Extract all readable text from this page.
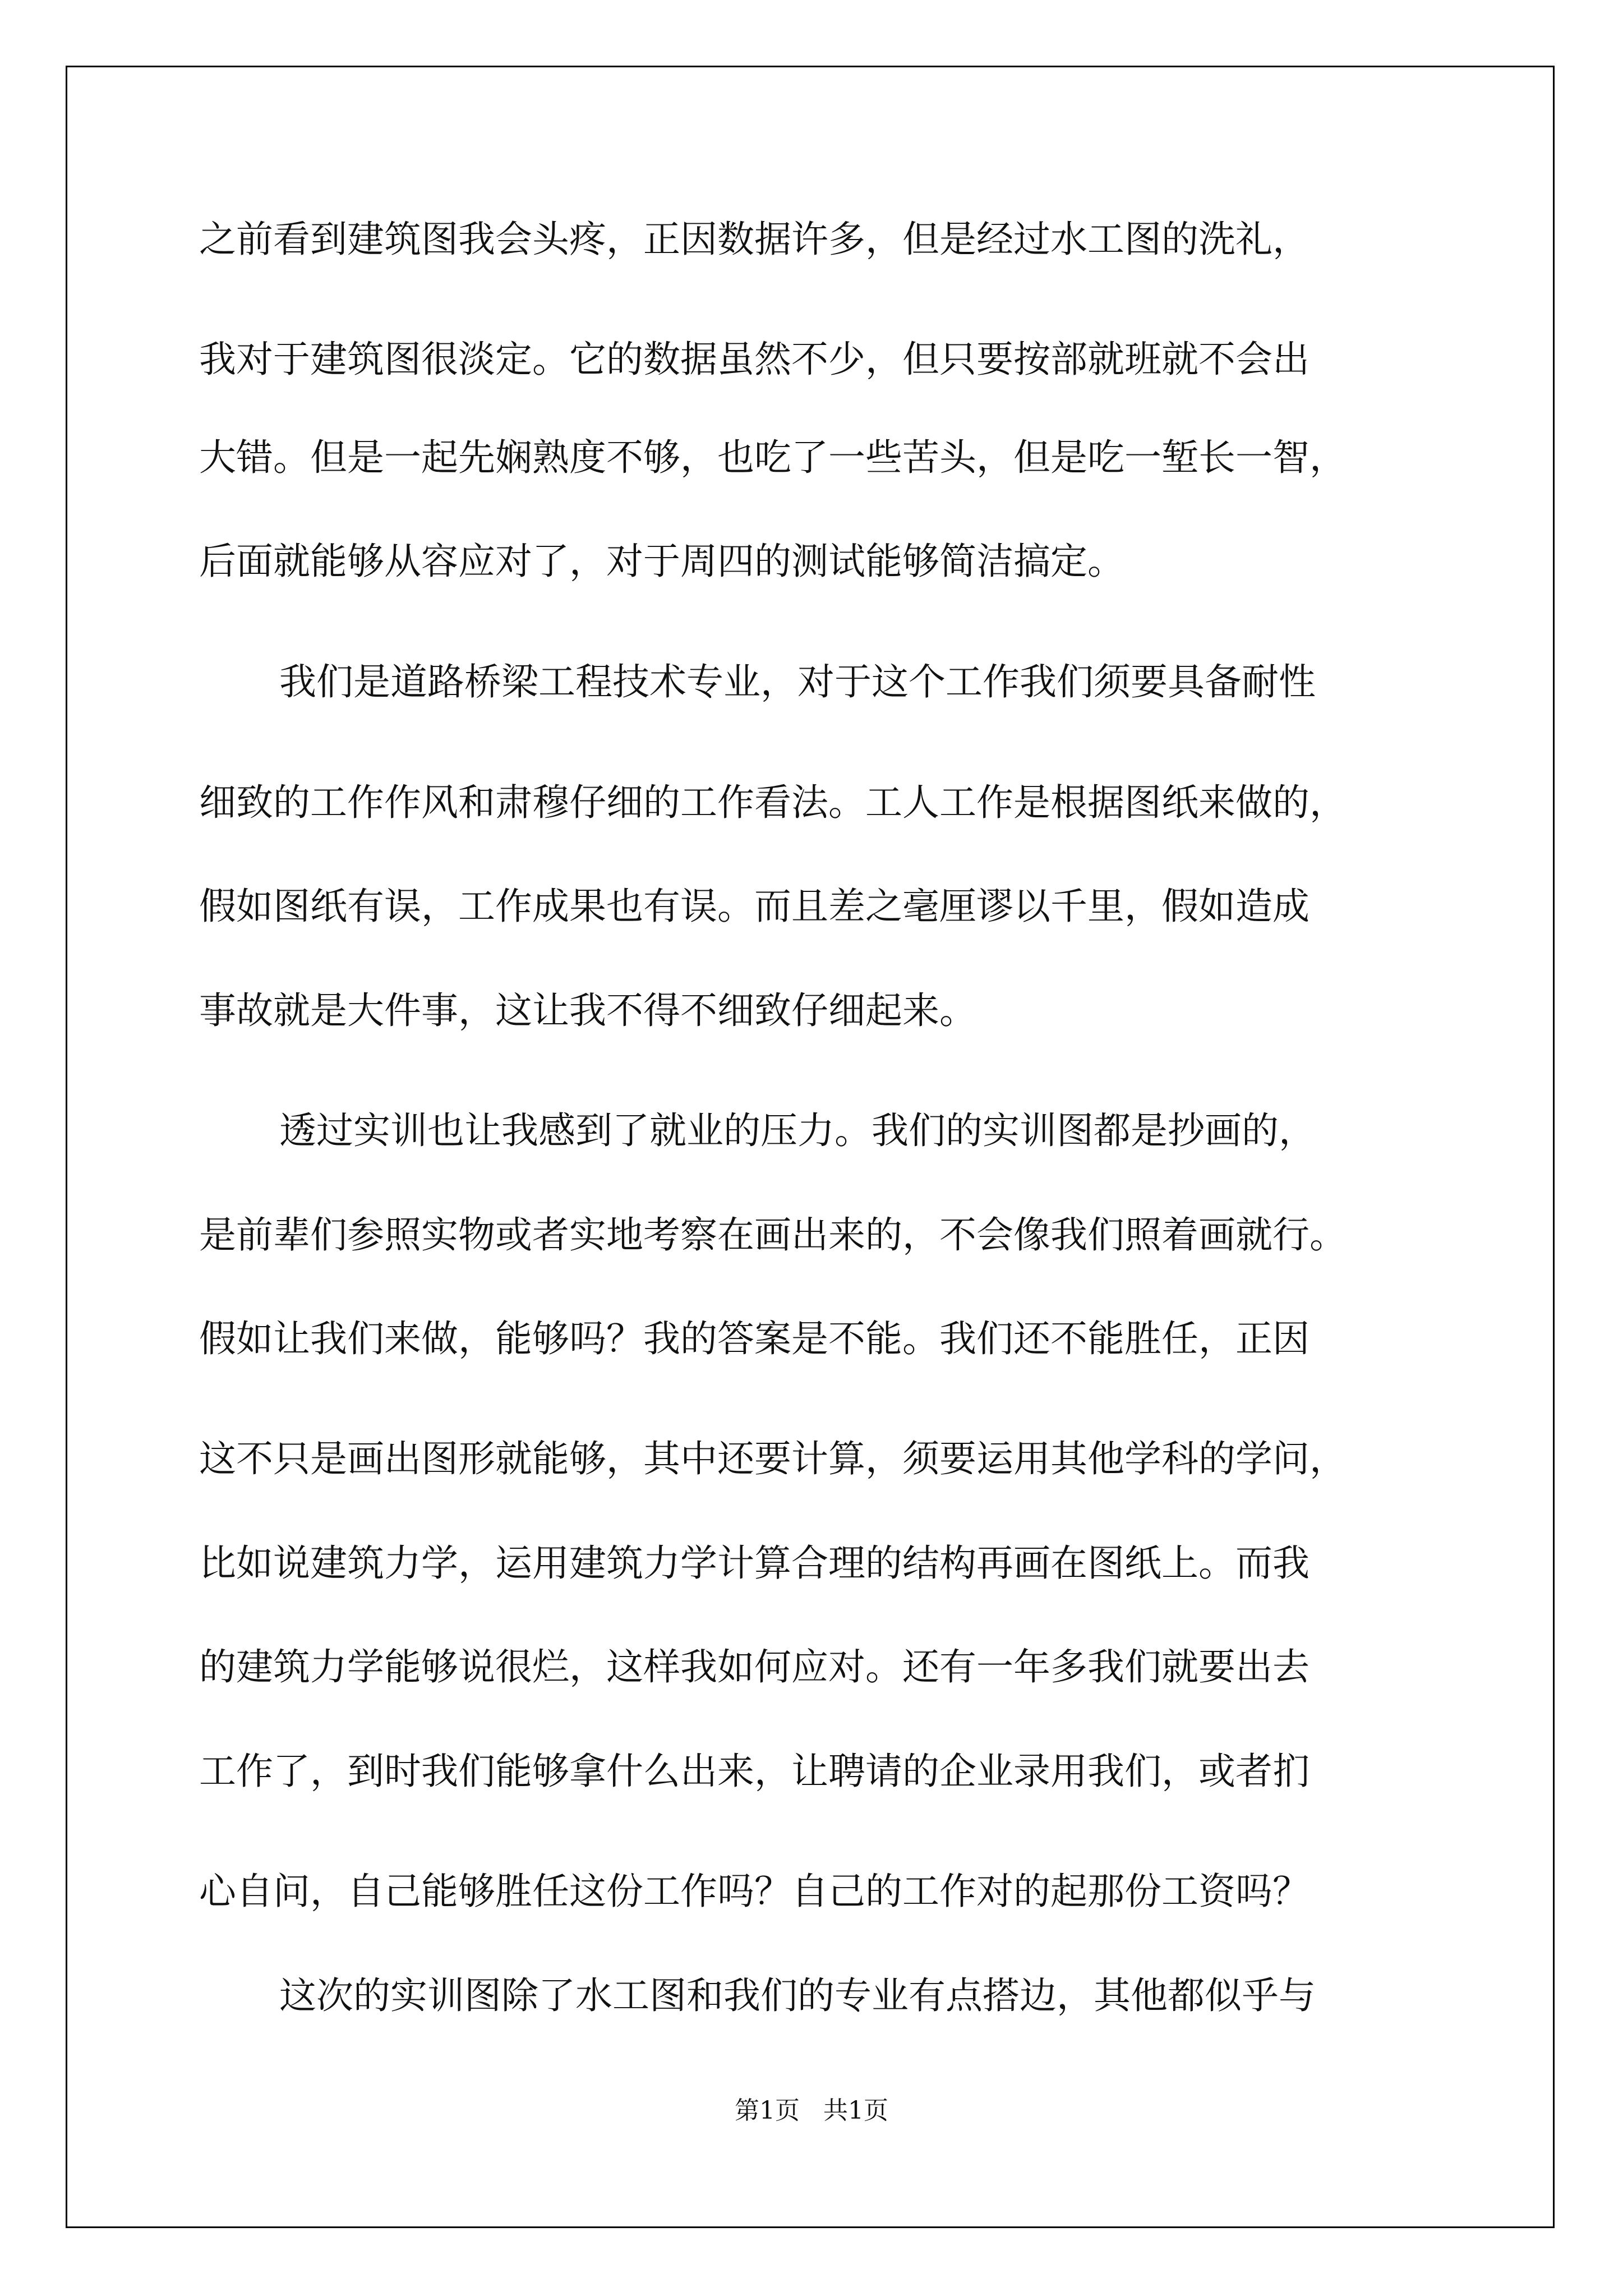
之前看到建筑图我会头疼，正因数据许多，但是经过水工图的洗礼，

我对于建筑图很淡定。它的数据虽然不少，但只要按部就班就不会出

大错。但是一起先娴熟度不够，也吃了一些苦头，但是吃一堑长一智，

后面就能够从容应对了，对于周四的测试能够简洁搞定。

我们是道路桥梁工程技术专业，对于这个工作我们须要具备耐性

细致的工作作风和肃穆仔细的工作看法。工人工作是根据图纸来做的，

假如图纸有误，工作成果也有误。而且差之毫厘谬以千里，假如造成

事故就是大件事，这让我不得不细致仔细起来。

透过实训也让我感到了就业的压力。我们的实训图都是抄画的，

是前辈们参照实物或者实地考察在画出来的，不会像我们照着画就行。

假如让我们来做，能够吗？我的答案是不能。我们还不能胜任，正因

这不只是画出图形就能够，其中还要计算，须要运用其他学科的学问，

比如说建筑力学，运用建筑力学计算合理的结构再画在图纸上。而我

的建筑力学能够说很烂，这样我如何应对。还有一年多我们就要出去

工作了，到时我们能够拿什么出来，让聘请的企业录用我们，或者扪

心自问，自己能够胜任这份工作吗？自己的工作对的起那份工资吗？

这次的实训图除了水工图和我们的专业有点搭边，其他都似乎与

第1页   共1页
